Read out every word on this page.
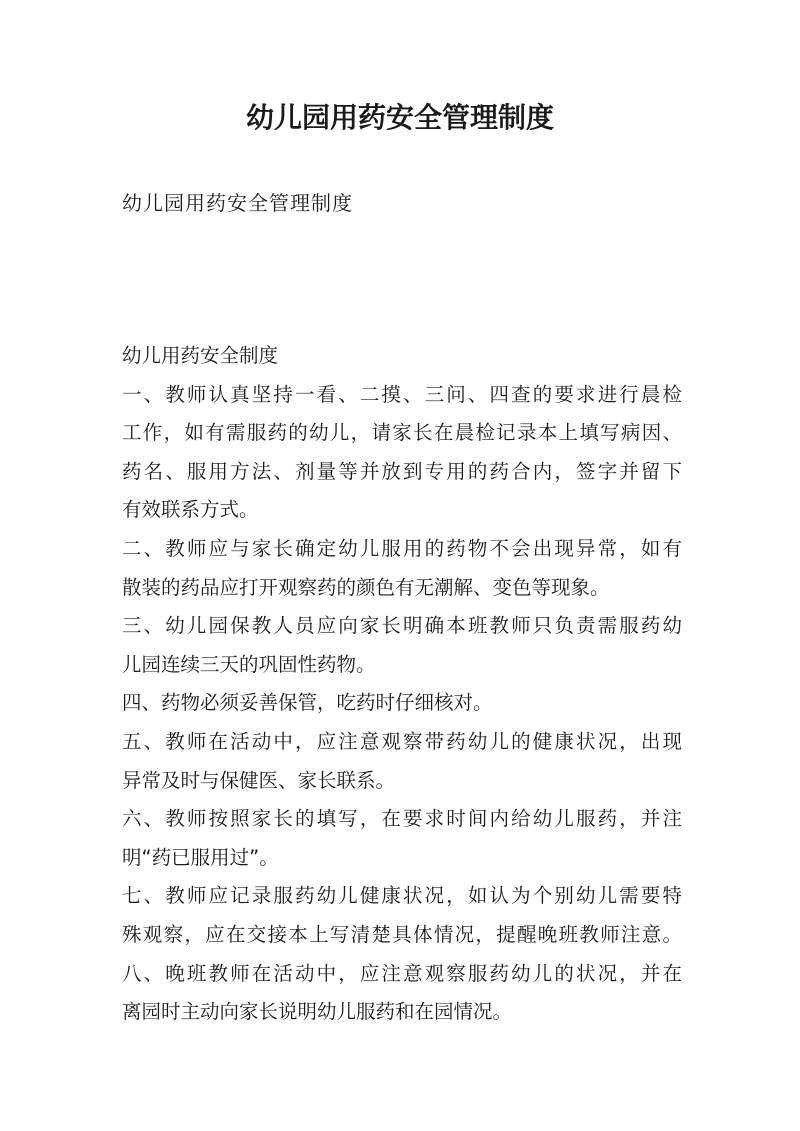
幼儿园用药安全管理制度

幼儿园用药安全管理制度

幼儿用药安全制度
一、教师认真坚持一看、二摸、三问、四查的要求进行晨检
工作，如有需服药的幼儿，请家长在晨检记录本上填写病因、
药名、服用方法、剂量等并放到专用的药合内，签字并留下
有效联系方式。
二、教师应与家长确定幼儿服用的药物不会出现异常，如有
散装的药品应打开观察药的颜色有无潮解、变色等现象。
三、幼儿园保教人员应向家长明确本班教师只负责需服药幼
儿园连续三天的巩固性药物。
四、药物必须妥善保管，吃药时仔细核对。
五、教师在活动中，应注意观察带药幼儿的健康状况，出现
异常及时与保健医、家长联系。
六、教师按照家长的填写，在要求时间内给幼儿服药，并注
明“药已服用过”。
七、教师应记录服药幼儿健康状况，如认为个别幼儿需要特
殊观察，应在交接本上写清楚具体情况，提醒晚班教师注意。
八、晚班教师在活动中，应注意观察服药幼儿的状况，并在
离园时主动向家长说明幼儿服药和在园情况。
